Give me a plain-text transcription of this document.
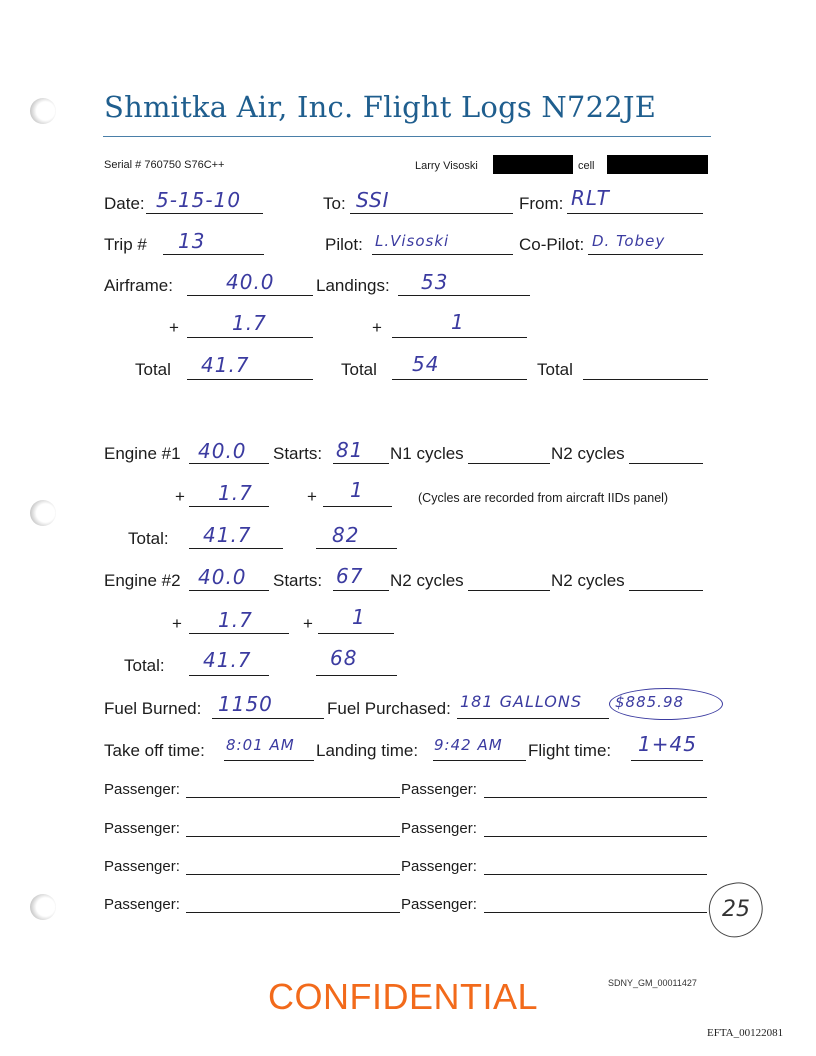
Shmitka Air, Inc. Flight Logs N722JE
Serial # 760750 S76C++	Larry Visoski	cell
Date: 5-15-10	To: SSI	From: RLT
Trip # 13	Pilot: L.Visoski	Co-Pilot: D. Tobey
Airframe:	40.0 Landings: 53
+	1.7	+	1
Total 41.7	Total 54	Total
Engine #1 40.0 Starts: 81 N1 cycles	N2 cycles
+ 1.7	+ 1	(Cycles are recorded from aircraft IIDs panel)
Total: 41.7	82
Engine #2 40.0 Starts: 67 N2 cycles	N2 cycles
+ 1.7	+ 1
Total: 41.7	68
Fuel Burned: 1150	Fuel Purchased: 181 GALLONS $885.98
Take off time: 8:01 AM Landing time: 9:42 AM Flight time: 1+45
Passenger:	Passenger:
Passenger:	Passenger:
Passenger:	Passenger:
Passenger:	Passenger:	25
CONFIDENTIAL	SDNY_GM_00011427
EFTA_00122081
